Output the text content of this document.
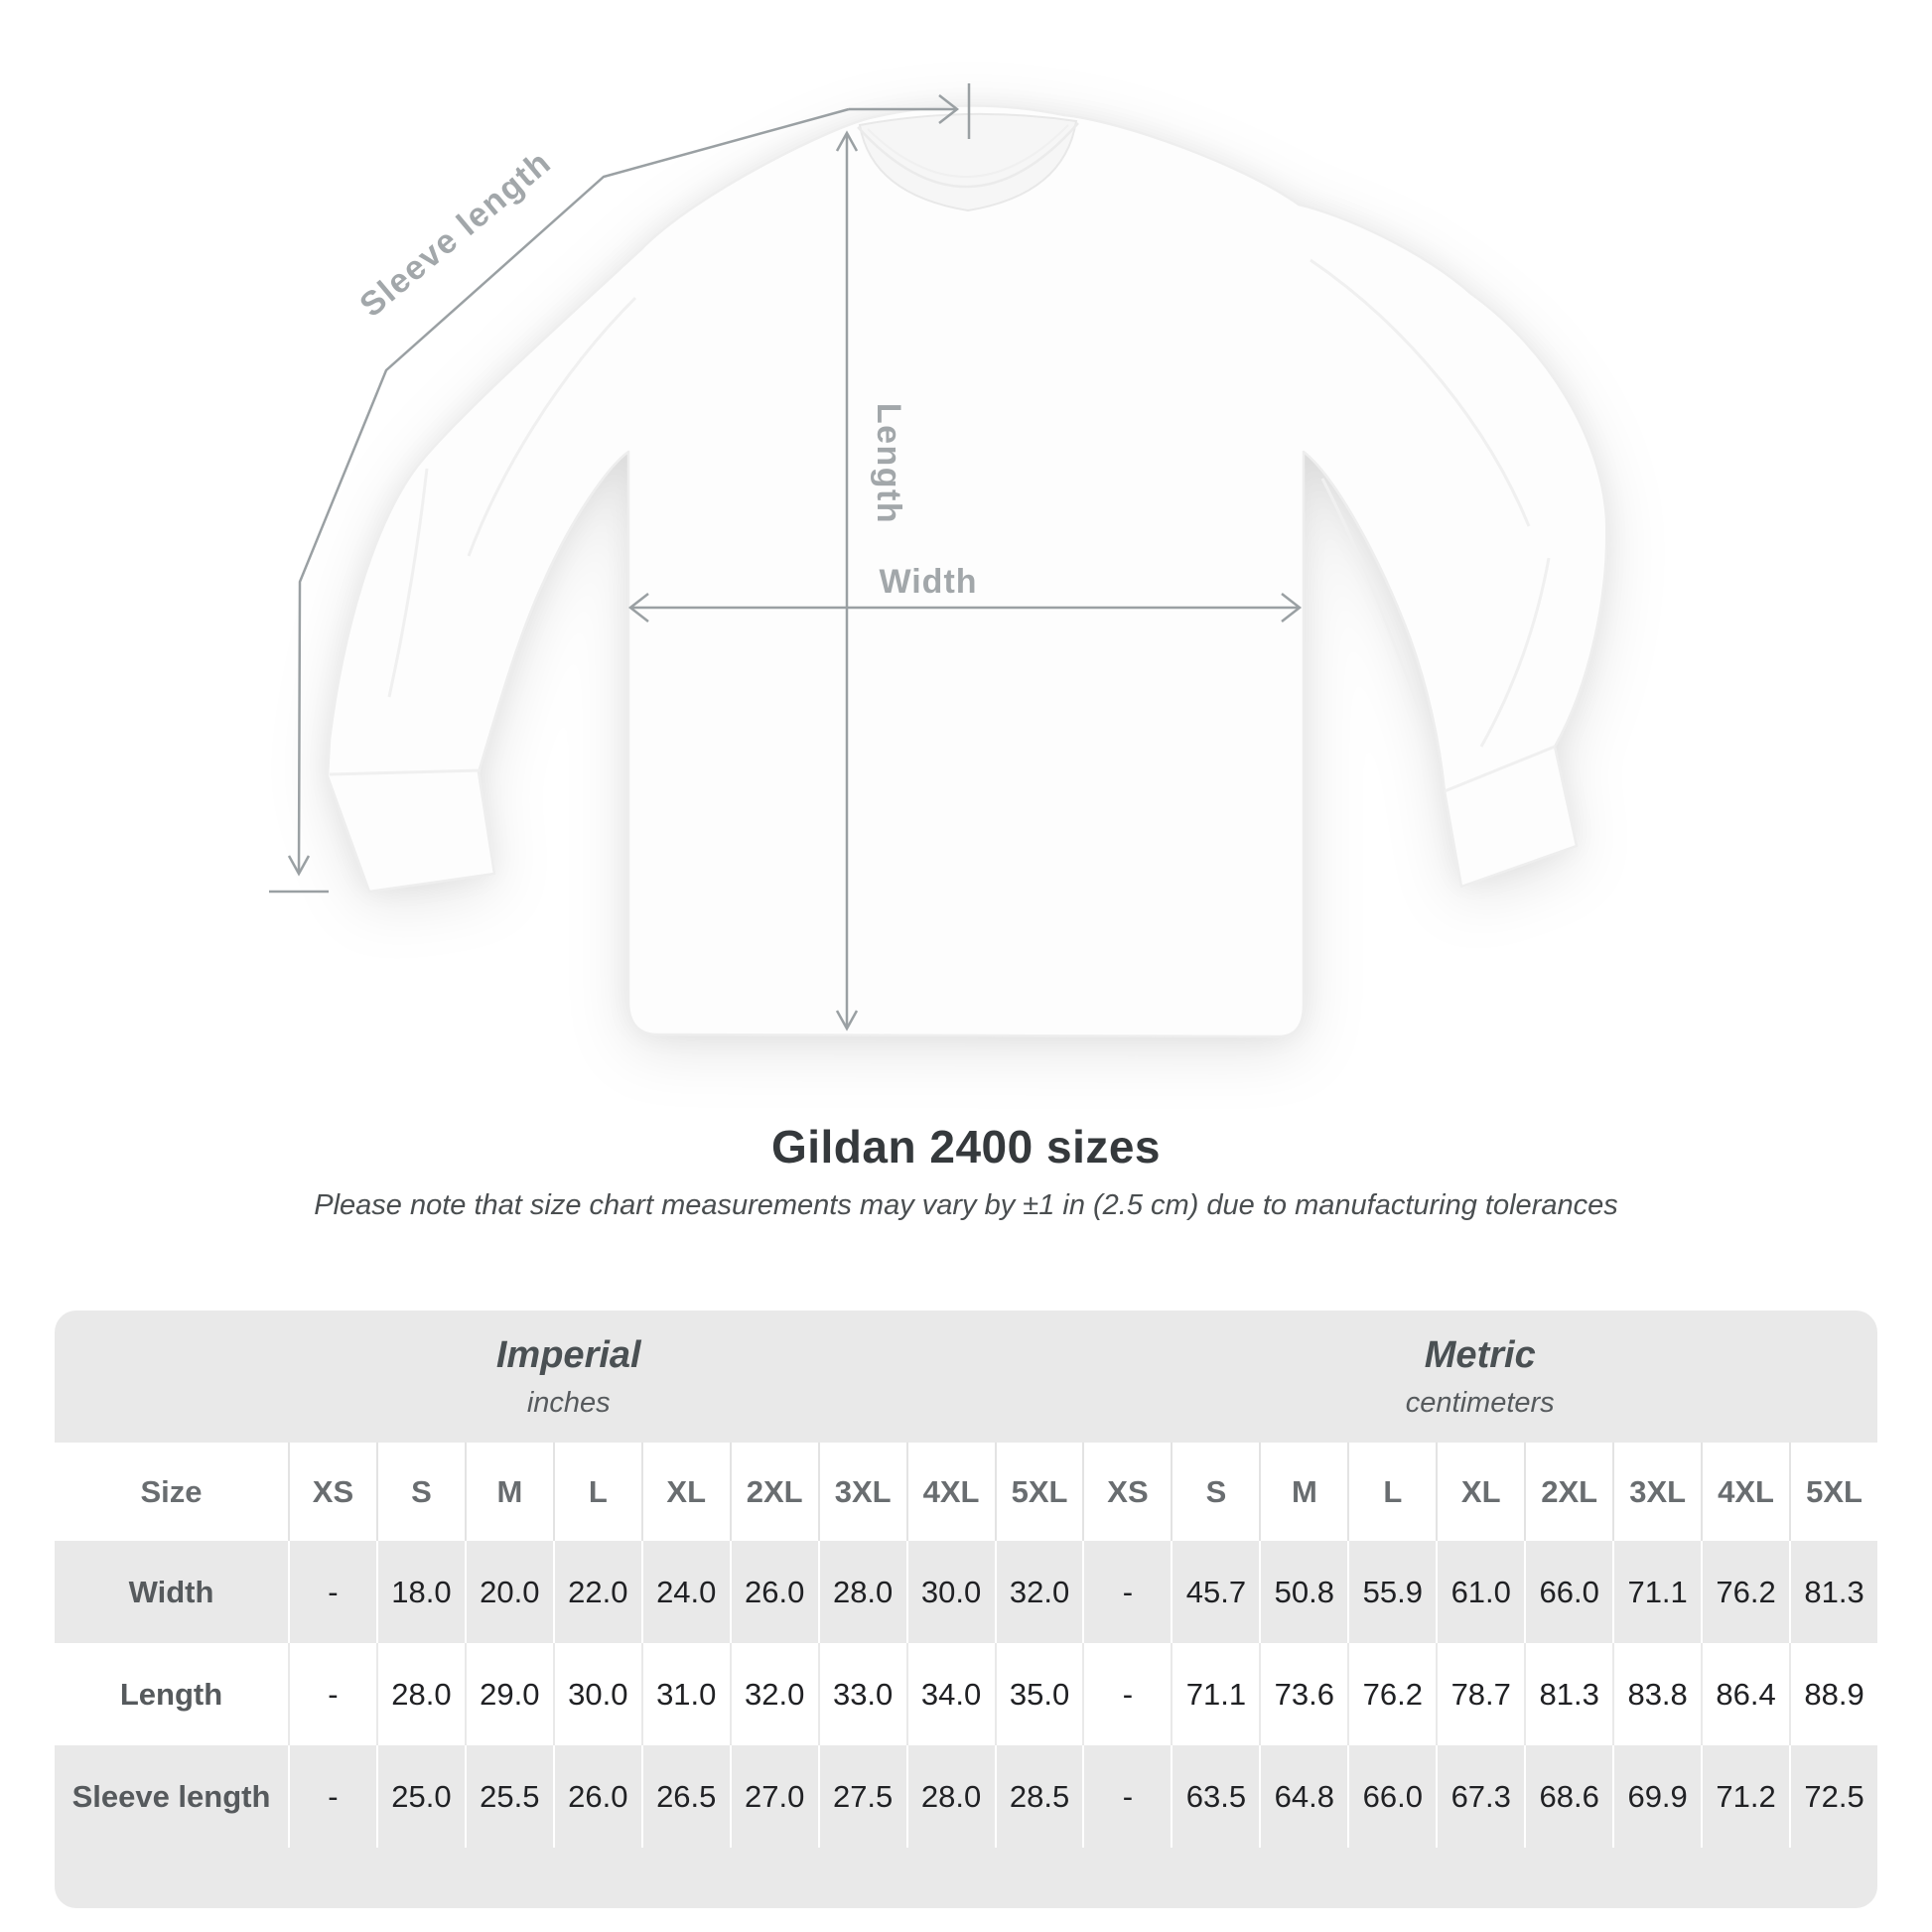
Sleeve length
Length
Width
Gildan 2400 sizes
Please note that size chart measurements may vary by ±1 in (2.5 cm) due to manufacturing tolerances
Imperial
inches
Metric
centimeters
Size	XS	S	M	L	XL	2XL	3XL	4XL	5XL	XS	S	M	L	XL	2XL	3XL	4XL	5XL
Width	-	18.0 20.0 22.0 24.0 26.0 28.0 30.0 32.0	-	45.7 50.8 55.9 61.0 66.0 71.1 76.2 81.3
Length	-	28.0 29.0 30.0 31.0 32.0 33.0 34.0 35.0	-	71.1 73.6 76.2 78.7 81.3 83.8 86.4 88.9
Sleeve length	-	25.0 25.5 26.0 26.5 27.0 27.5 28.0 28.5	-	63.5 64.8 66.0 67.3 68.6 69.9 71.2 72.5
